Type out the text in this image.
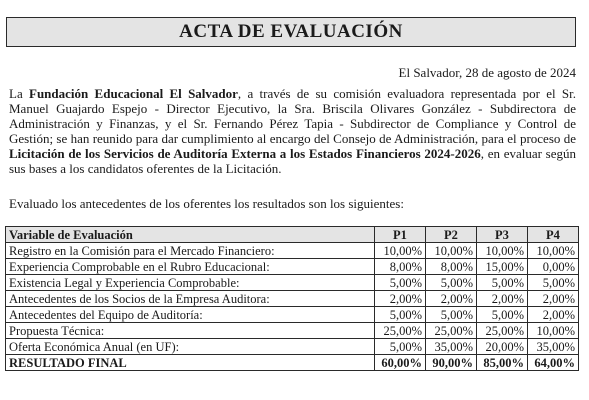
ACTA DE EVALUACIÓN
El Salvador, 28 de agosto de 2024

La Fundación Educacional El Salvador, a través de su comisión evaluadora representada por el Sr. Manuel Guajardo Espejo - Director Ejecutivo, la Sra. Briscila Olivares González - Subdirectora de Administración y Finanzas, y el Sr. Fernando Pérez Tapia - Subdirector de Compliance y Control de Gestión; se han reunido para dar cumplimiento al encargo del Consejo de Administración, para el proceso de Licitación de los Servicios de Auditoría Externa a los Estados Financieros 2024-2026, en evaluar según sus bases a los candidatos oferentes de la Licitación.

Evaluado los antecedentes de los oferentes los resultados son los siguientes:
Variable de Evaluación	P1	P2	P3	P4
Registro en la Comisión para el Mercado Financiero:	10,00%	10,00%	10,00%	10,00%
Experiencia Comprobable en el Rubro Educacional:	8,00%	8,00%	15,00%	0,00%
Existencia Legal y Experiencia Comprobable:	5,00%	5,00%	5,00%	5,00%
Antecedentes de los Socios de la Empresa Auditora:	2,00%	2,00%	2,00%	2,00%
Antecedentes del Equipo de Auditoría:	5,00%	5,00%	5,00%	2,00%
Propuesta Técnica:	25,00%	25,00%	25,00%	10,00%
Oferta Económica Anual (en UF):	5,00%	35,00%	20,00%	35,00%
RESULTADO FINAL	60,00%	90,00%	85,00%	64,00%
